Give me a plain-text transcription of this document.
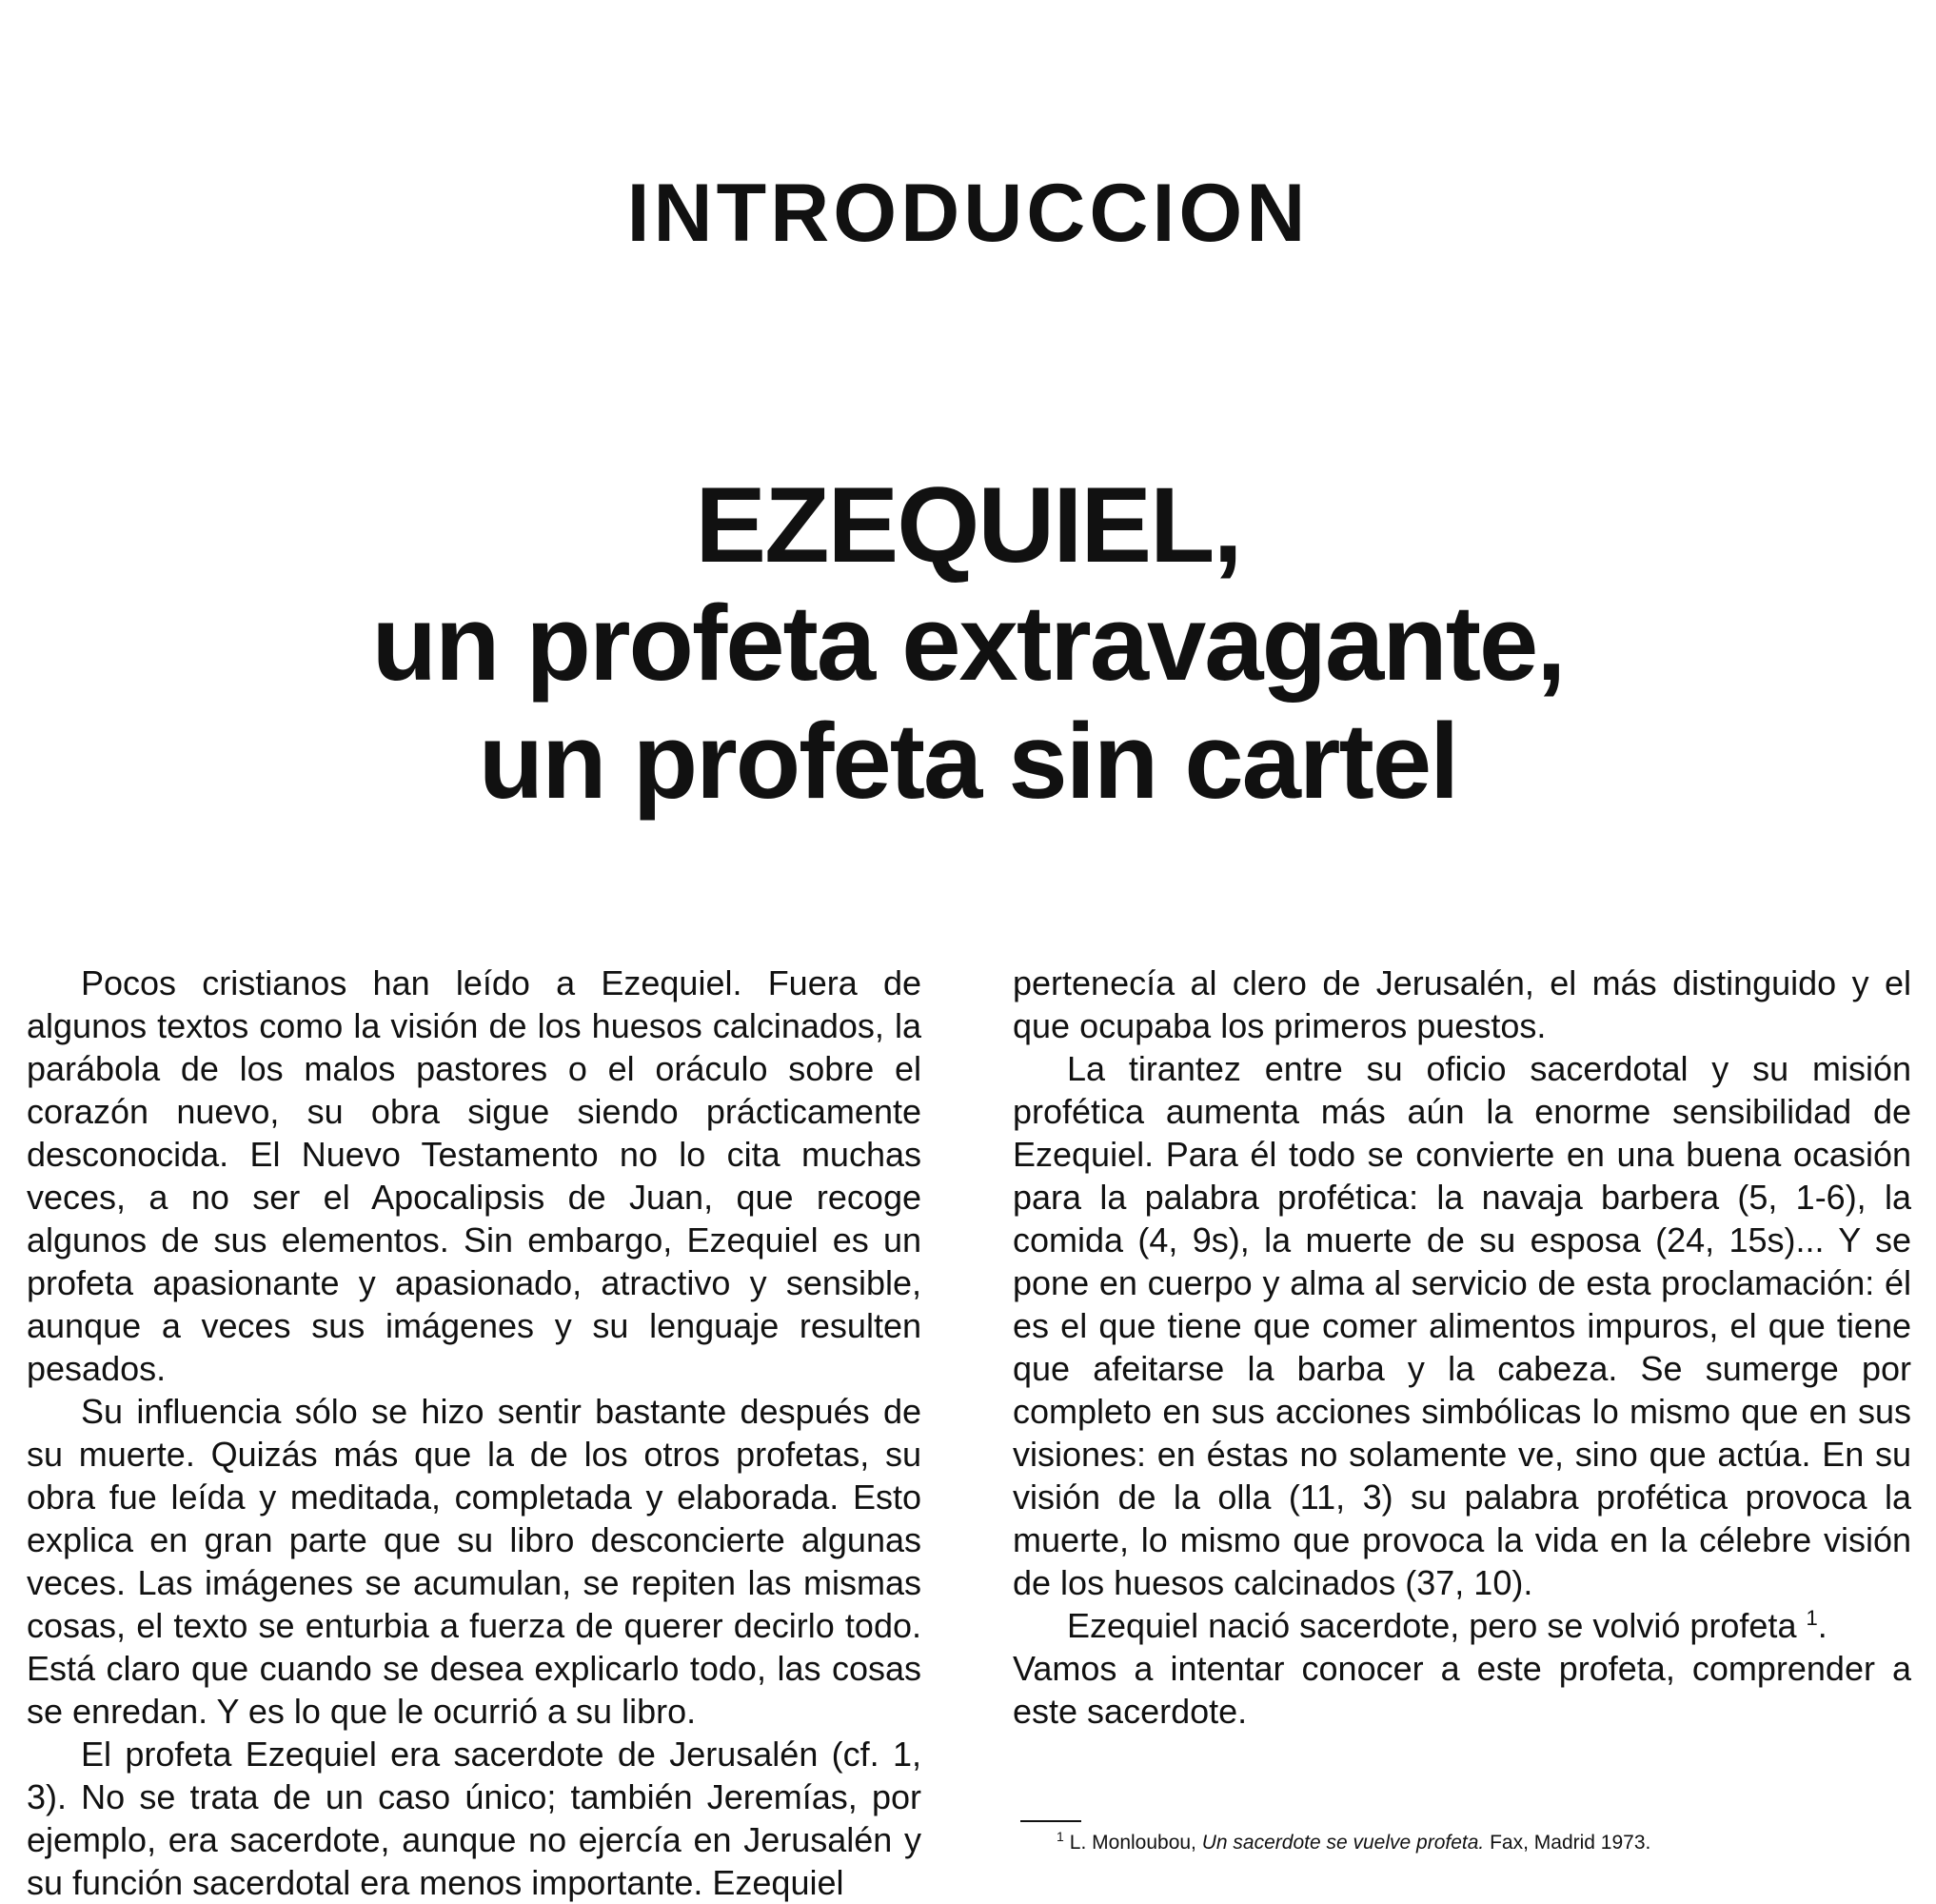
INTRODUCCION
EZEQUIEL,
un profeta extravagante,
un profeta sin cartel

Pocos cristianos han leído a Ezequiel. Fuera de algunos textos como la visión de los huesos calcinados, la parábola de los malos pastores o el oráculo sobre el corazón nuevo, su obra sigue siendo prácticamente desconocida. El Nuevo Testamento no lo cita muchas veces, a no ser el Apocalipsis de Juan, que recoge algunos de sus elementos. Sin embargo, Ezequiel es un profeta apasionante y apasionado, atractivo y sensible, aunque a veces sus imágenes y su lenguaje resulten pesados.

Su influencia sólo se hizo sentir bastante después de su muerte. Quizás más que la de los otros profetas, su obra fue leída y meditada, completada y elaborada. Esto explica en gran parte que su libro desconcierte algunas veces. Las imágenes se acumulan, se repiten las mismas cosas, el texto se enturbia a fuerza de querer decirlo todo. Está claro que cuando se desea explicarlo todo, las cosas se enredan. Y es lo que le ocurrió a su libro.

El profeta Ezequiel era sacerdote de Jerusalén (cf. 1, 3). No se trata de un caso único; también Jeremías, por ejemplo, era sacerdote, aunque no ejercía en Jerusalén y su función sacerdotal era menos importante. Ezequiel

pertenecía al clero de Jerusalén, el más distinguido y el que ocupaba los primeros puestos.

La tirantez entre su oficio sacerdotal y su misión profética aumenta más aún la enorme sensibilidad de Ezequiel. Para él todo se convierte en una buena ocasión para la palabra profética: la navaja barbera (5, 1-6), la comida (4, 9s), la muerte de su esposa (24, 15s)... Y se pone en cuerpo y alma al servicio de esta proclamación: él es el que tiene que comer alimentos impuros, el que tiene que afeitarse la barba y la cabeza. Se sumerge por completo en sus acciones simbólicas lo mismo que en sus visiones: en éstas no solamente ve, sino que actúa. En su visión de la olla (11, 3) su palabra profética provoca la muerte, lo mismo que provoca la vida en la célebre visión de los huesos calcinados (37, 10).

Ezequiel nació sacerdote, pero se volvió profeta $^1$.

Vamos a intentar conocer a este profeta, comprender a este sacerdote.

$^1$ L. Monloubou, Un sacerdote se vuelve profeta. Fax, Madrid 1973.
